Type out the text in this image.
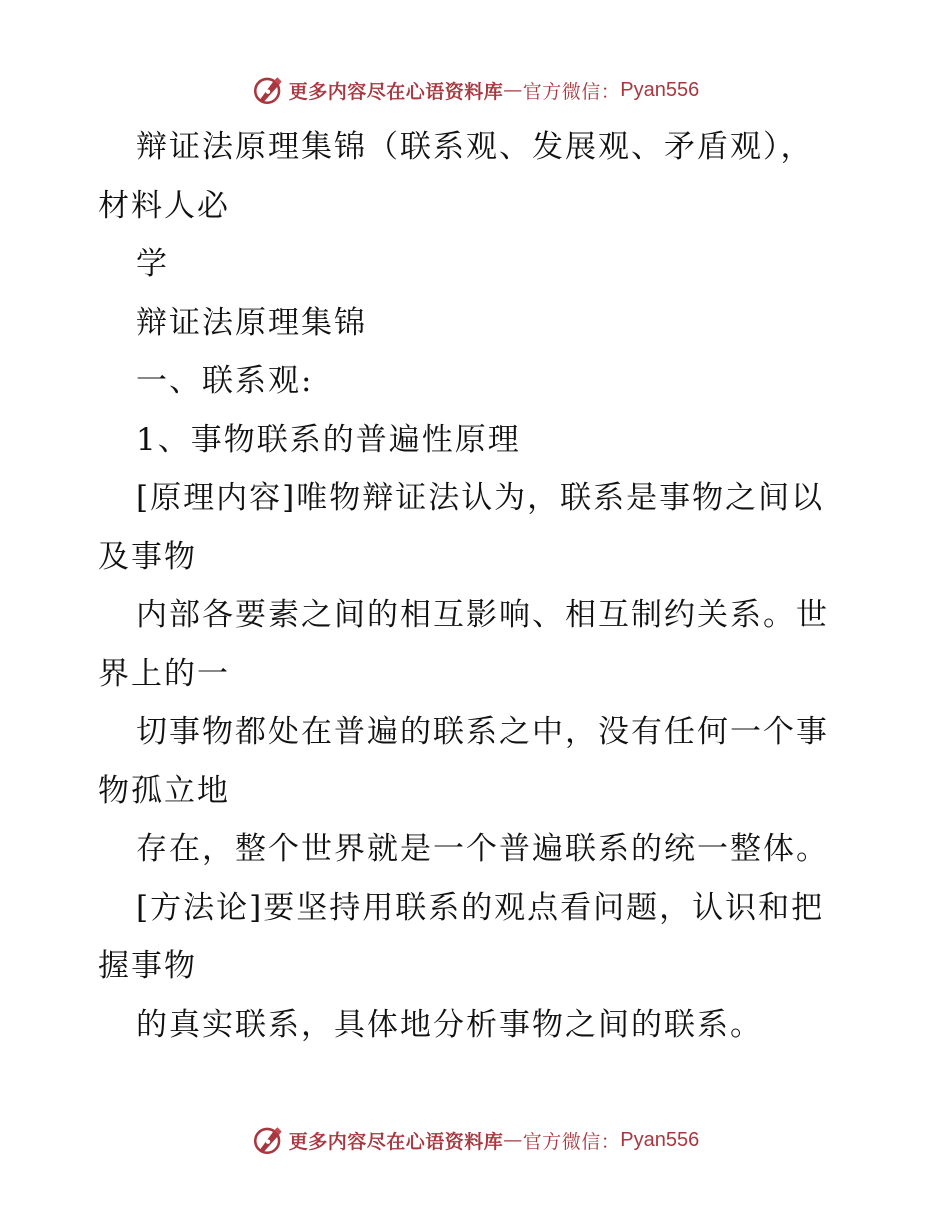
更多内容尽在心语资料库 — 官方微信： Pyan556
辩证法原理集锦（联系观、发展观、矛盾观），
材料人必
学
辩证法原理集锦
一、联系观:
1、事物联系的普遍性原理
[原理内容]唯物辩证法认为，联系是事物之间以
及事物
内部各要素之间的相互影响、相互制约关系。世
界上的一
切事物都处在普遍的联系之中，没有任何一个事
物孤立地
存在，整个世界就是一个普遍联系的统一整体。
[方法论]要坚持用联系的观点看问题，认识和把
握事物
的真实联系，具体地分析事物之间的联系。
更多内容尽在心语资料库 — 官方微信： Pyan556
